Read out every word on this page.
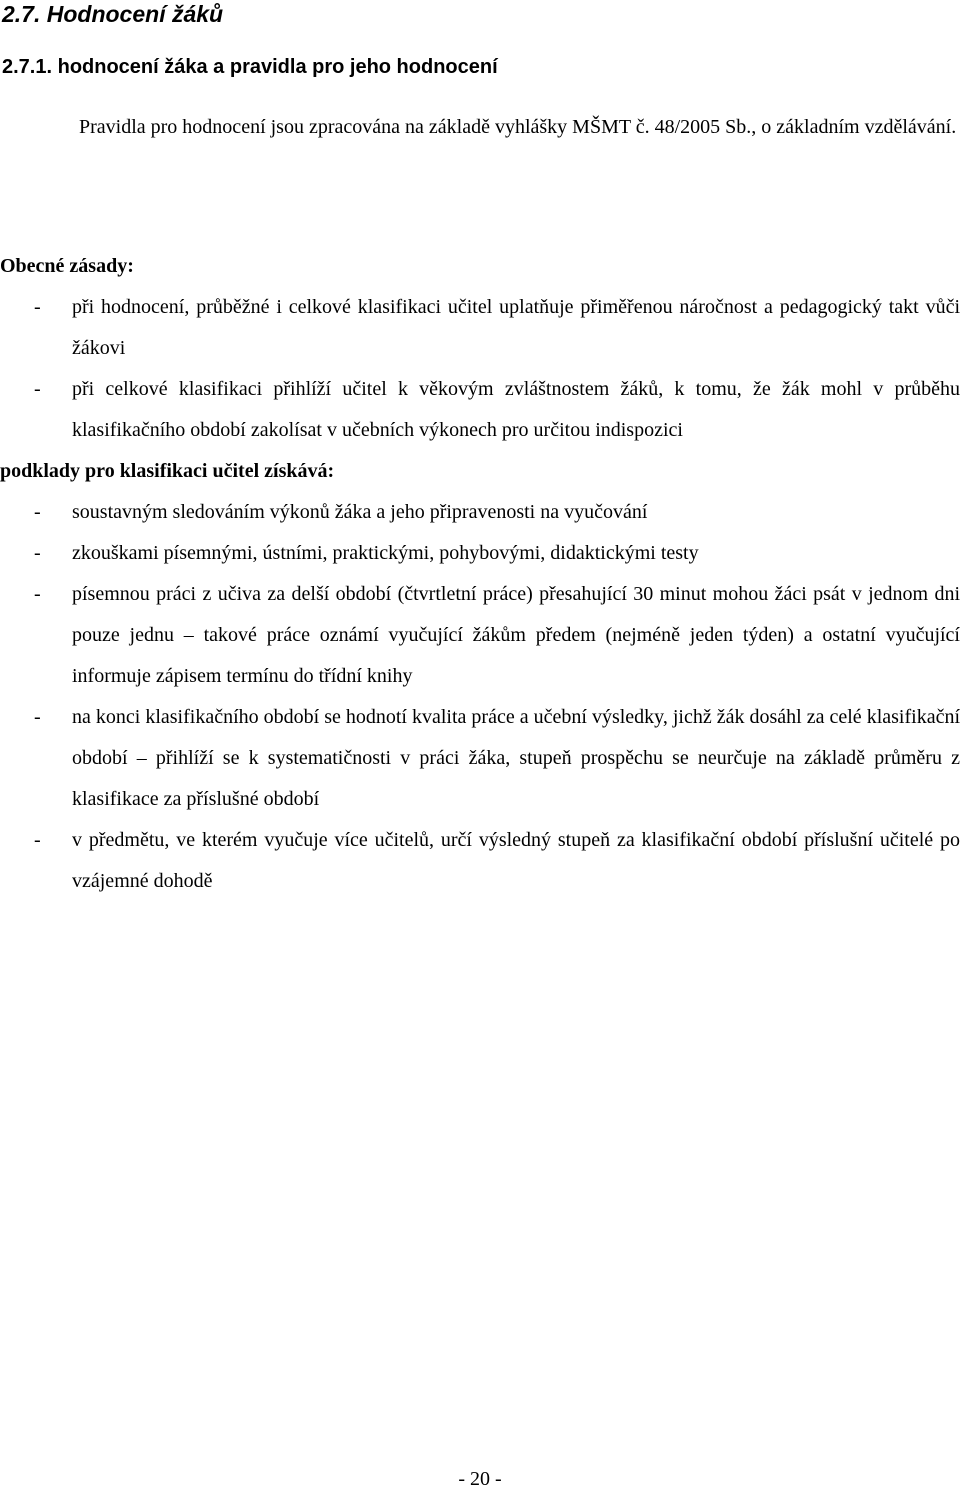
2.7. Hodnocení žáků
2.7.1. hodnocení žáka a pravidla pro jeho hodnocení

Pravidla pro hodnocení jsou zpracována na základě vyhlášky MŠMT č. 48/2005 Sb., o základním vzdělávání.

Obecné zásady:

- při hodnocení, průběžné i celkové klasifikaci učitel uplatňuje přiměřenou náročnost a pedagogický takt vůči žákovi
- při celkové klasifikaci přihlíží učitel k věkovým zvláštnostem žáků, k tomu, že žák mohl v průběhu klasifikačního období zakolísat v učebních výkonech pro určitou indispozici

podklady pro klasifikaci učitel získává:

- soustavným sledováním výkonů žáka a jeho připravenosti na vyučování
- zkouškami písemnými, ústními, praktickými, pohybovými, didaktickými testy
- písemnou práci z učiva za delší období (čtvrtletní práce) přesahující 30 minut mohou žáci psát v jednom dni pouze jednu – takové práce oznámí vyučující žákům předem (nejméně jeden týden) a ostatní vyučující informuje zápisem termínu do třídní knihy
- na konci klasifikačního období se hodnotí kvalita práce a učební výsledky, jichž žák dosáhl za celé klasifikační období – přihlíží se k systematičnosti v práci žáka, stupeň prospěchu se neurčuje na základě průměru z klasifikace za příslušné období
- v předmětu, ve kterém vyučuje více učitelů, určí výsledný stupeň za klasifikační období příslušní učitelé po vzájemné dohodě
- 20 -
